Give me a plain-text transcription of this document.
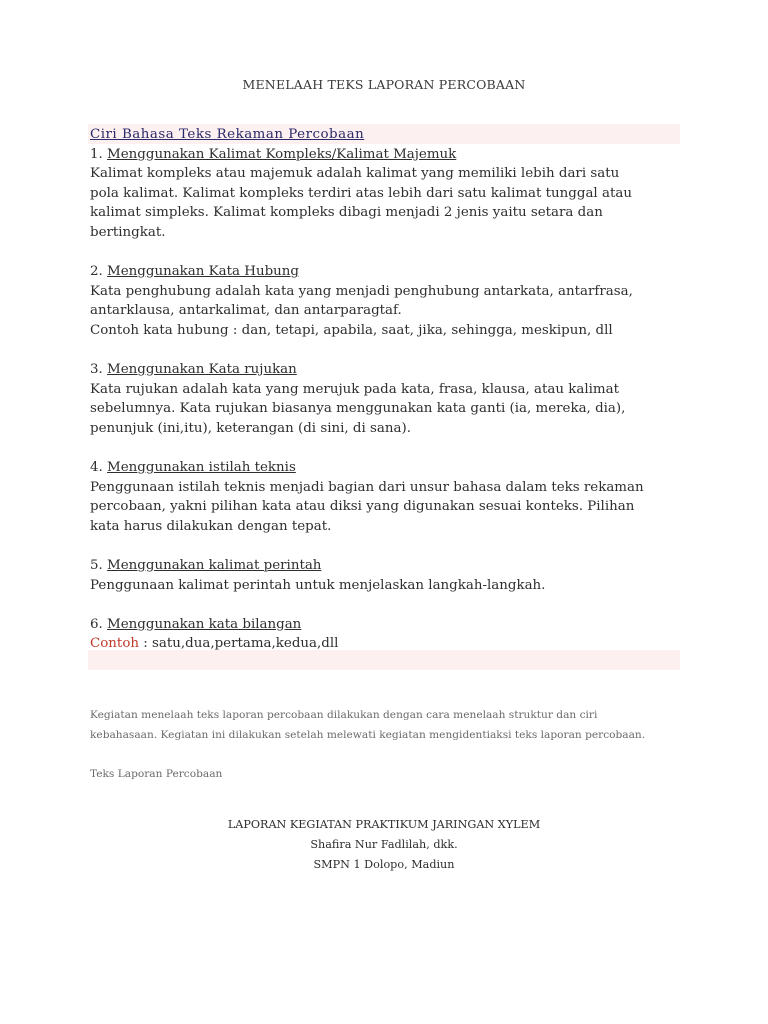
MENELAAH TEKS LAPORAN PERCOBAAN
Ciri Bahasa Teks Rekaman Percobaan
1. Menggunakan Kalimat Kompleks/Kalimat Majemuk
Kalimat kompleks atau majemuk adalah kalimat yang memiliki lebih dari satu
pola kalimat. Kalimat kompleks terdiri atas lebih dari satu kalimat tunggal atau
kalimat simpleks. Kalimat kompleks dibagi menjadi 2 jenis yaitu setara dan
bertingkat.
2. Menggunakan Kata Hubung
Kata penghubung adalah kata yang menjadi penghubung antarkata, antarfrasa,
antarklausa, antarkalimat, dan antarparagtaf.
Contoh kata hubung : dan, tetapi, apabila, saat, jika, sehingga, meskipun, dll
3. Menggunakan Kata rujukan
Kata rujukan adalah kata yang merujuk pada kata, frasa, klausa, atau kalimat
sebelumnya. Kata rujukan biasanya menggunakan kata ganti (ia, mereka, dia),
penunjuk (ini,itu), keterangan (di sini, di sana).
4. Menggunakan istilah teknis
Penggunaan istilah teknis menjadi bagian dari unsur bahasa dalam teks rekaman
percobaan, yakni pilihan kata atau diksi yang digunakan sesuai konteks. Pilihan
kata harus dilakukan dengan tepat.
5. Menggunakan kalimat perintah
Penggunaan kalimat perintah untuk menjelaskan langkah-langkah.
6. Menggunakan kata bilangan
Contoh : satu,dua,pertama,kedua,dll
Kegiatan menelaah teks laporan percobaan dilakukan dengan cara menelaah struktur dan ciri
kebahasaan. Kegiatan ini dilakukan setelah melewati kegiatan mengidentiaksi teks laporan percobaan.
Teks Laporan Percobaan
LAPORAN KEGIATAN PRAKTIKUM JARINGAN XYLEM
Shafira Nur Fadlilah, dkk.
SMPN 1 Dolopo, Madiun
